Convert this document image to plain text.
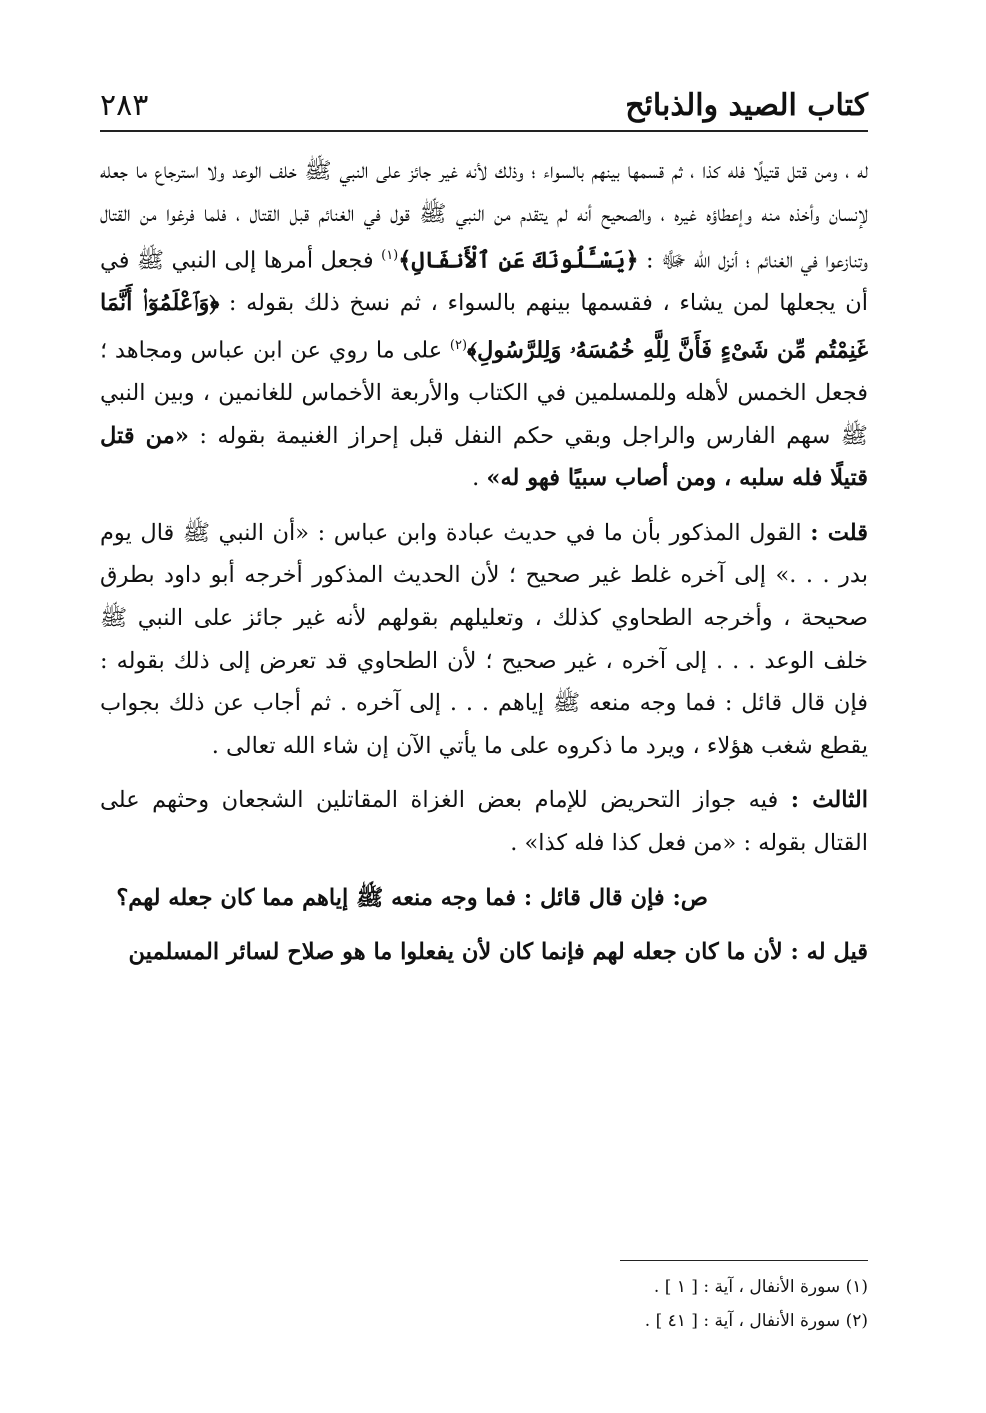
كتاب الصيد والذبائح
٢٨٣

له ، ومن قتل قتيلًا فله كذا ، ثم قسمها بينهم بالسواء ؛ وذلك لأنه غير جائز على النبي ﷺ خلف الوعد ولا استرجاع ما جعله لإنسان وأخذه منه وإعطاؤه غيره ، والصحيح أنه لم يتقدم من النبي ﷺ قول في الغنائم قبل القتال ، فلما فرغوا من القتال وتنازعوا في الغنائم ؛ أنزل الله ﷻ : ﴿يَسْـَٔلُونَكَ عَنِ ٱلْأَنفَالِ﴾$^{(١)}$ فجعل أمرها إلى النبي ﷺ في أن يجعلها لمن يشاء ، فقسمها بينهم بالسواء ، ثم نسخ ذلك بقوله : ﴿وَٱعْلَمُوٓا۟ أَنَّمَا غَنِمْتُم مِّن شَىْءٍ فَأَنَّ لِلَّهِ خُمُسَهُۥ وَلِلرَّسُولِ﴾$^{(٢)}$ على ما روي عن ابن عباس ومجاهد ؛ فجعل الخمس لأهله وللمسلمين في الكتاب والأربعة الأخماس للغانمين ، وبين النبي ﷺ سهم الفارس والراجل وبقي حكم النفل قبل إحراز الغنيمة بقوله : «من قتل قتيلًا فله سلبه ، ومن أصاب سبيًا فهو له» .

قلت : القول المذكور بأن ما في حديث عبادة وابن عباس : «أن النبي ﷺ قال يوم بدر . . .» إلى آخره غلط غير صحيح ؛ لأن الحديث المذكور أخرجه أبو داود بطرق صحيحة ، وأخرجه الطحاوي كذلك ، وتعليلهم بقولهم لأنه غير جائز على النبي ﷺ خلف الوعد . . . إلى آخره ، غير صحيح ؛ لأن الطحاوي قد تعرض إلى ذلك بقوله : فإن قال قائل : فما وجه منعه ﷺ إياهم . . . إلى آخره . ثم أجاب عن ذلك بجواب يقطع شغب هؤلاء ، ويرد ما ذكروه على ما يأتي الآن إن شاء الله تعالى .

الثالث : فيه جواز التحريض للإمام بعض الغزاة المقاتلين الشجعان وحثهم على القتال بقوله : «من فعل كذا فله كذا» .

ص: فإن قال قائل : فما وجه منعه ﷺ إياهم مما كان جعله لهم؟

قيل له : لأن ما كان جعله لهم فإنما كان لأن يفعلوا ما هو صلاح لسائر المسلمين

(١) سورة الأنفال ، آية : [ ١ ] .

(٢) سورة الأنفال ، آية : [ ٤١ ] .
